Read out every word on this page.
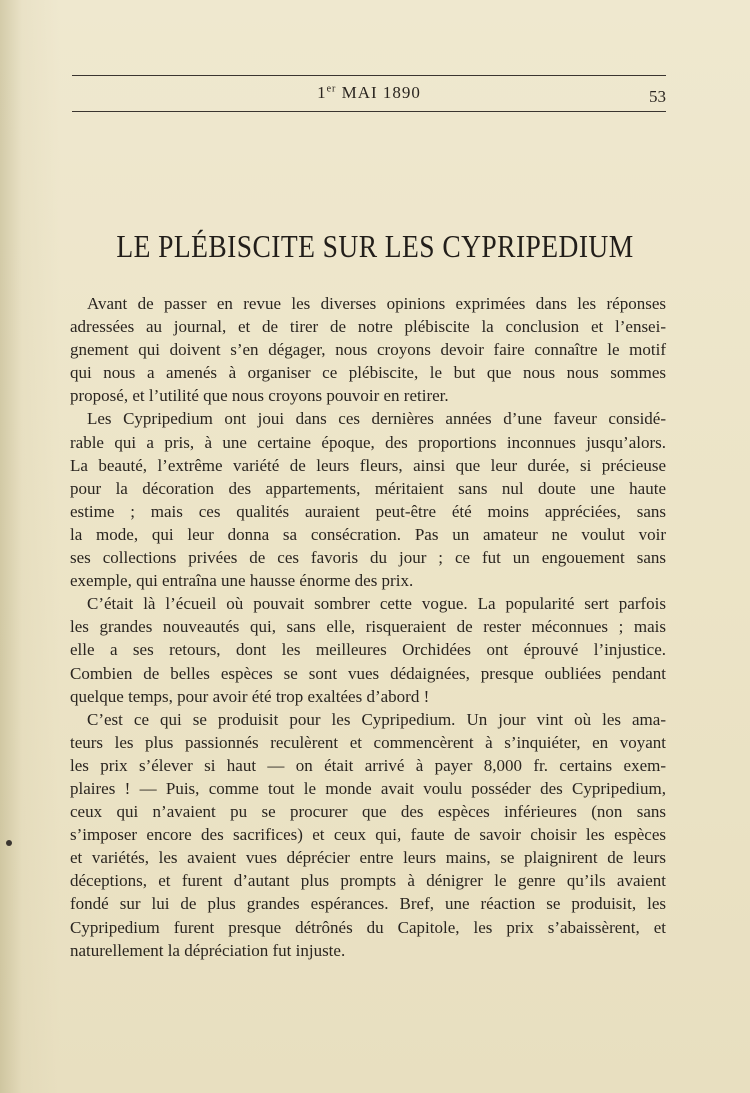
1er MAI 1890	53
LE PLÉBISCITE SUR LES CYPRIPEDIUM
Avant de passer en revue les diverses opinions exprimées dans les réponses
adressées au journal, et de tirer de notre plébiscite la conclusion et l’ensei-
gnement qui doivent s’en dégager, nous croyons devoir faire connaître le motif
qui nous a amenés à organiser ce plébiscite, le but que nous nous sommes
proposé, et l’utilité que nous croyons pouvoir en retirer.
Les Cypripedium ont joui dans ces dernières années d’une faveur considé-
rable qui a pris, à une certaine époque, des proportions inconnues jusqu’alors.
La beauté, l’extrême variété de leurs fleurs, ainsi que leur durée, si précieuse
pour la décoration des appartements, méritaient sans nul doute une haute
estime ; mais ces qualités auraient peut-être été moins appréciées, sans
la mode, qui leur donna sa consécration. Pas un amateur ne voulut voir
ses collections privées de ces favoris du jour ; ce fut un engouement sans
exemple, qui entraîna une hausse énorme des prix.
C’était là l’écueil où pouvait sombrer cette vogue. La popularité sert parfois
les grandes nouveautés qui, sans elle, risqueraient de rester méconnues ; mais
elle a ses retours, dont les meilleures Orchidées ont éprouvé l’injustice.
Combien de belles espèces se sont vues dédaignées, presque oubliées pendant
quelque temps, pour avoir été trop exaltées d’abord !
C’est ce qui se produisit pour les Cypripedium. Un jour vint où les ama-
teurs les plus passionnés reculèrent et commencèrent à s’inquiéter, en voyant
les prix s’élever si haut — on était arrivé à payer 8,000 fr. certains exem-
plaires ! — Puis, comme tout le monde avait voulu posséder des Cypripedium,
ceux qui n’avaient pu se procurer que des espèces inférieures (non sans
s’imposer encore des sacrifices) et ceux qui, faute de savoir choisir les espèces
et variétés, les avaient vues déprécier entre leurs mains, se plaignirent de leurs
déceptions, et furent d’autant plus prompts à dénigrer le genre qu’ils avaient
fondé sur lui de plus grandes espérances. Bref, une réaction se produisit, les
Cypripedium furent presque détrônés du Capitole, les prix s’abaissèrent, et
naturellement la dépréciation fut injuste.
